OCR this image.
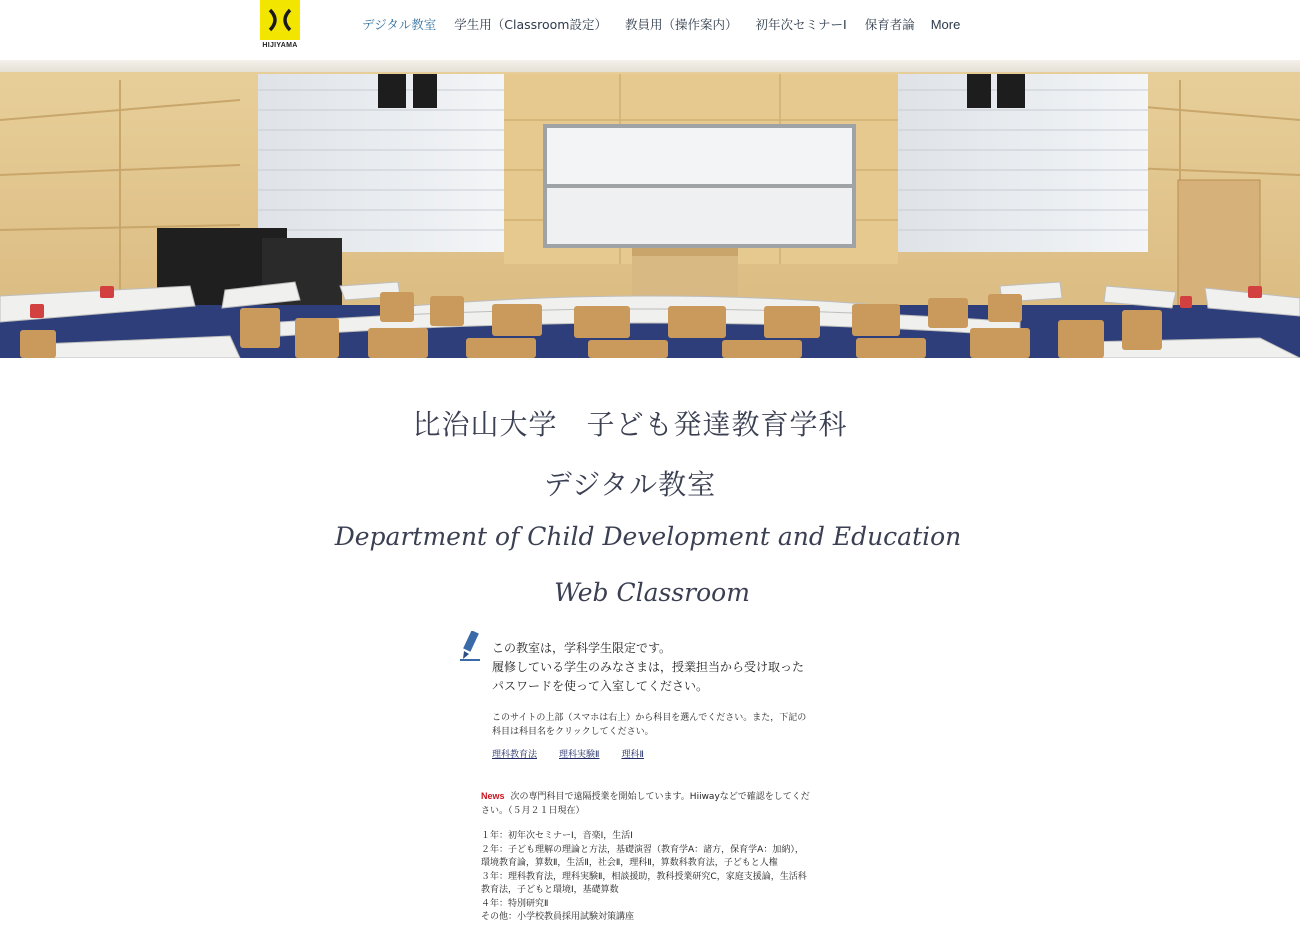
HIJIYAMA
デジタル教室 学生用（Classroom設定） 教員用（操作案内） 初年次セミナーⅠ 保育者論 More
比治山大学　子ども発達教育学科
デジタル教室
Department of Child Development and Education
Web Classroom
この教室は，学科学生限定です。
履修している学生のみなさまは，授業担当から受け取った
パスワードを使って入室してください。
このサイトの上部（スマホは右上）から科目を選んでください。また，下記の
科目は科目名をクリックしてください。
理科教育法 理科実験Ⅱ 理科Ⅱ
News 次の専門科目で遠隔授業を開始しています。Hiiwayなどで確認をしてくだ
さい。（５月２１日現在）
１年：初年次セミナーⅠ，音楽Ⅰ，生活Ⅰ
２年：子ども理解の理論と方法，基礎演習（教育学A：諸方，保育学A：加納），
環境教育論，算数Ⅱ，生活Ⅱ，社会Ⅱ，理科Ⅱ，算数科教育法，子どもと人権
３年：理科教育法，理科実験Ⅱ，相談援助，教科授業研究C，家庭支援論，生活科
教育法，子どもと環境Ⅰ，基礎算数
４年：特別研究Ⅱ
その他：小学校教員採用試験対策講座
